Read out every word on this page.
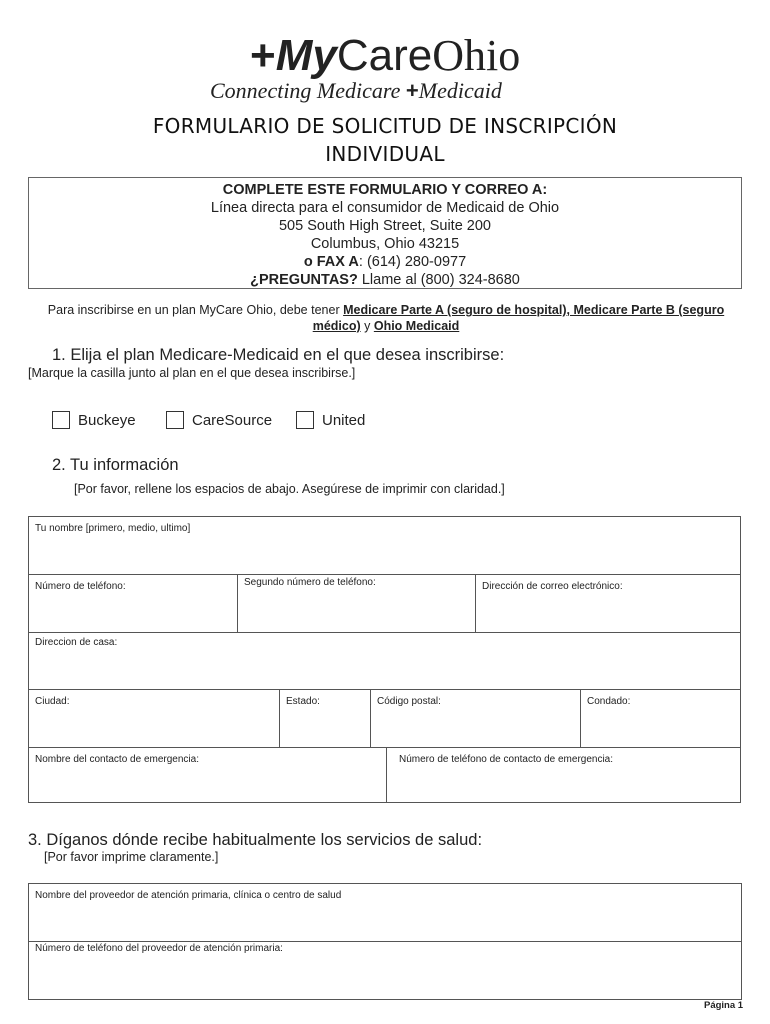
+MyCareOhio
Connecting Medicare +Medicaid
FORMULARIO DE SOLICITUD DE INSCRIPCIÓN
INDIVIDUAL
COMPLETE ESTE FORMULARIO Y CORREO A:
Línea directa para el consumidor de Medicaid de Ohio
505 South High Street, Suite 200
Columbus, Ohio 43215
o FAX A: (614) 280-0977
¿PREGUNTAS? Llame al (800) 324-8680
Para inscribirse en un plan MyCare Ohio, debe tener Medicare Parte A (seguro de hospital), Medicare Parte B (seguro médico) y Ohio Medicaid
1. Elija el plan Medicare-Medicaid en el que desea inscribirse:
[Marque la casilla junto al plan en el que desea inscribirse.]
Buckeye	CareSource	United
2. Tu información
[Por favor, rellene los espacios de abajo. Asegúrese de imprimir con claridad.]
Tu nombre [primero, medio, ultimo]
Número de teléfono:	Segundo número de teléfono:	Dirección de correo electrónico:
Direccion de casa:
Ciudad:	Estado:	Código postal:	Condado:
Nombre del contacto de emergencia:	Número de teléfono de contacto de emergencia:
3. Díganos dónde recibe habitualmente los servicios de salud:
[Por favor imprime claramente.]
Nombre del proveedor de atención primaria, clínica o centro de salud
Número de teléfono del proveedor de atención primaria:
Página 1
